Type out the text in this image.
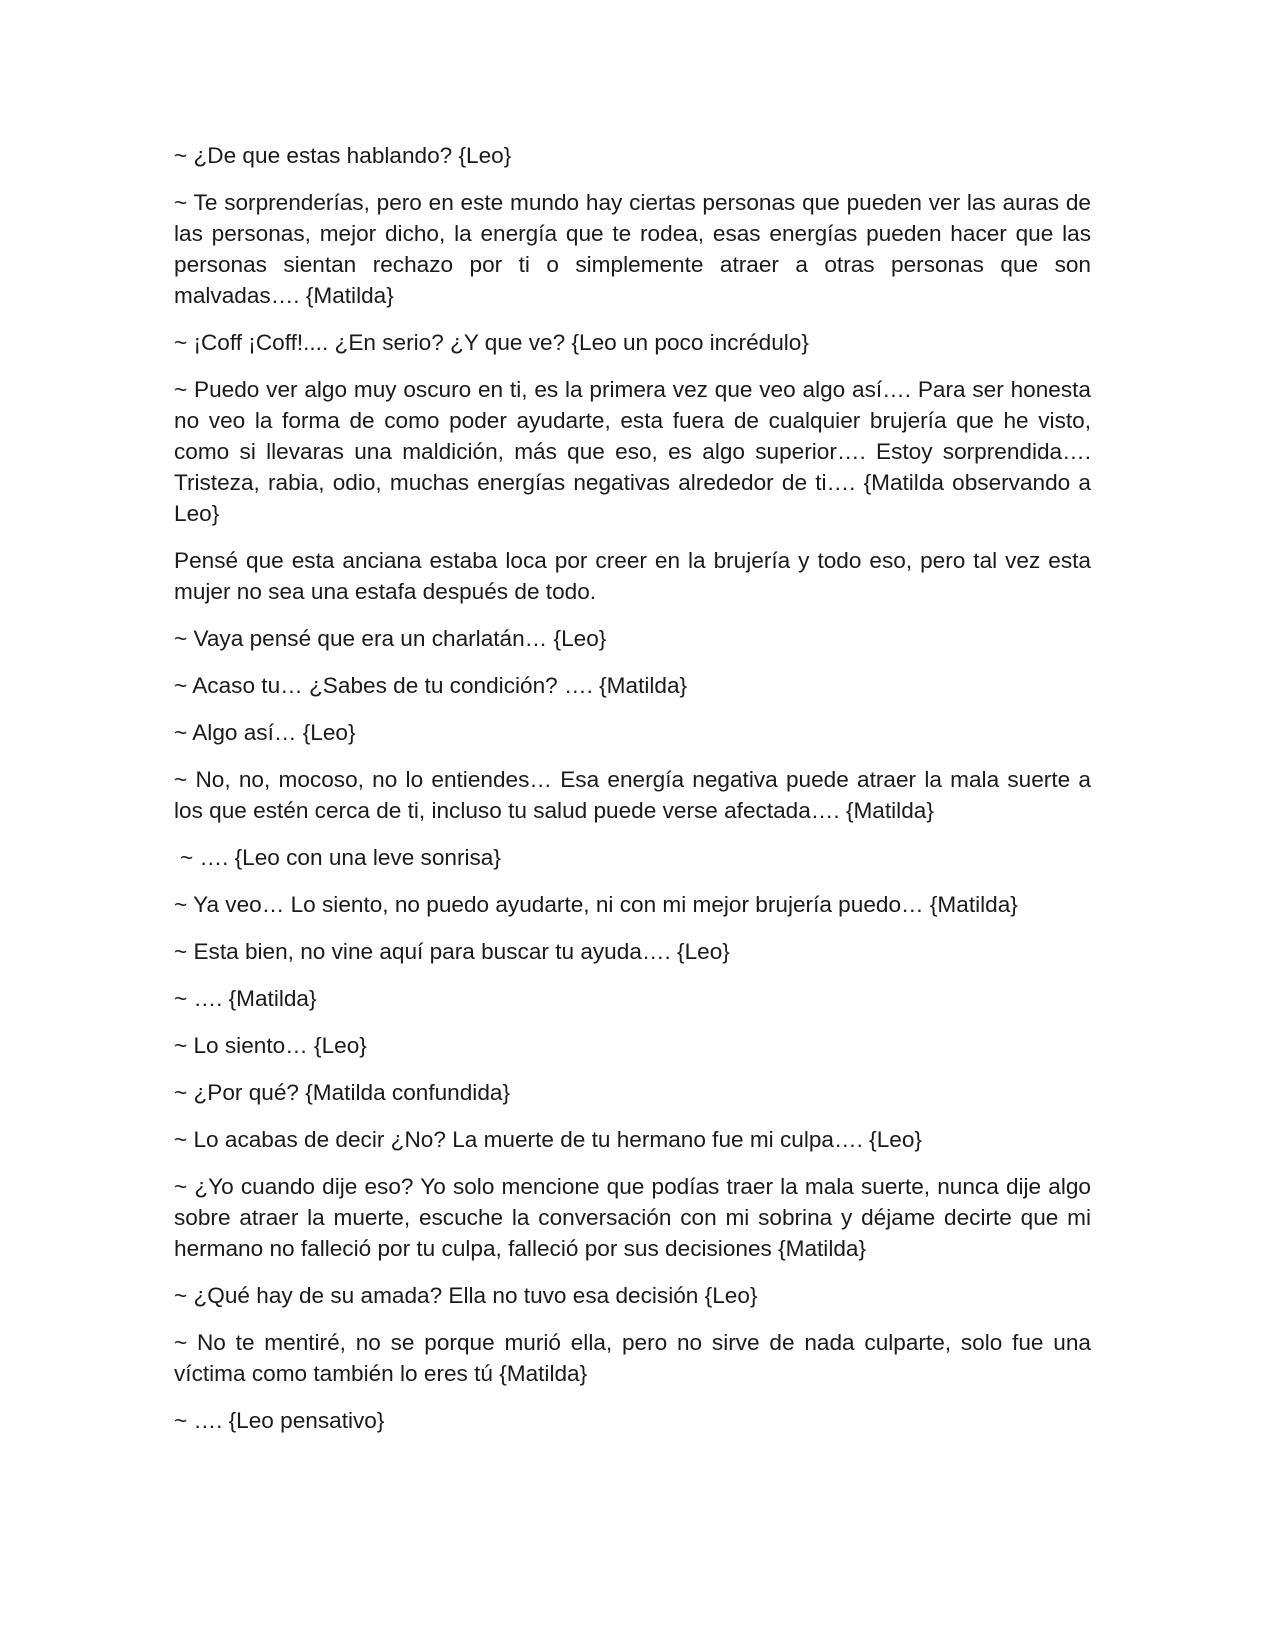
~ ¿De que estas hablando? {Leo}

~ Te sorprenderías, pero en este mundo hay ciertas personas que pueden ver las auras de las personas, mejor dicho, la energía que te rodea, esas energías pueden hacer que las personas sientan rechazo por ti o simplemente atraer a otras personas que son malvadas…. {Matilda}

~ ¡Coff ¡Coff!.... ¿En serio? ¿Y que ve? {Leo un poco incrédulo}

~ Puedo ver algo muy oscuro en ti, es la primera vez que veo algo así…. Para ser honesta no veo la forma de como poder ayudarte, esta fuera de cualquier brujería que he visto, como si llevaras una maldición, más que eso, es algo superior…. Estoy sorprendida…. Tristeza, rabia, odio, muchas energías negativas alrededor de ti…. {Matilda observando a Leo}

Pensé que esta anciana estaba loca por creer en la brujería y todo eso, pero tal vez esta mujer no sea una estafa después de todo.

~ Vaya pensé que era un charlatán… {Leo}

~ Acaso tu… ¿Sabes de tu condición? …. {Matilda}

~ Algo así… {Leo}

~ No, no, mocoso, no lo entiendes… Esa energía negativa puede atraer la mala suerte a los que estén cerca de ti, incluso tu salud puede verse afectada…. {Matilda}

~ …. {Leo con una leve sonrisa}

~ Ya veo… Lo siento, no puedo ayudarte, ni con mi mejor brujería puedo… {Matilda}

~ Esta bien, no vine aquí para buscar tu ayuda…. {Leo}

~ …. {Matilda}

~ Lo siento… {Leo}

~ ¿Por qué? {Matilda confundida}

~ Lo acabas de decir ¿No? La muerte de tu hermano fue mi culpa…. {Leo}

~ ¿Yo cuando dije eso? Yo solo mencione que podías traer la mala suerte, nunca dije algo sobre atraer la muerte, escuche la conversación con mi sobrina y déjame decirte que mi hermano no falleció por tu culpa, falleció por sus decisiones {Matilda}

~ ¿Qué hay de su amada? Ella no tuvo esa decisión {Leo}

~ No te mentiré, no se porque murió ella, pero no sirve de nada culparte, solo fue una víctima como también lo eres tú {Matilda}

~ …. {Leo pensativo}
